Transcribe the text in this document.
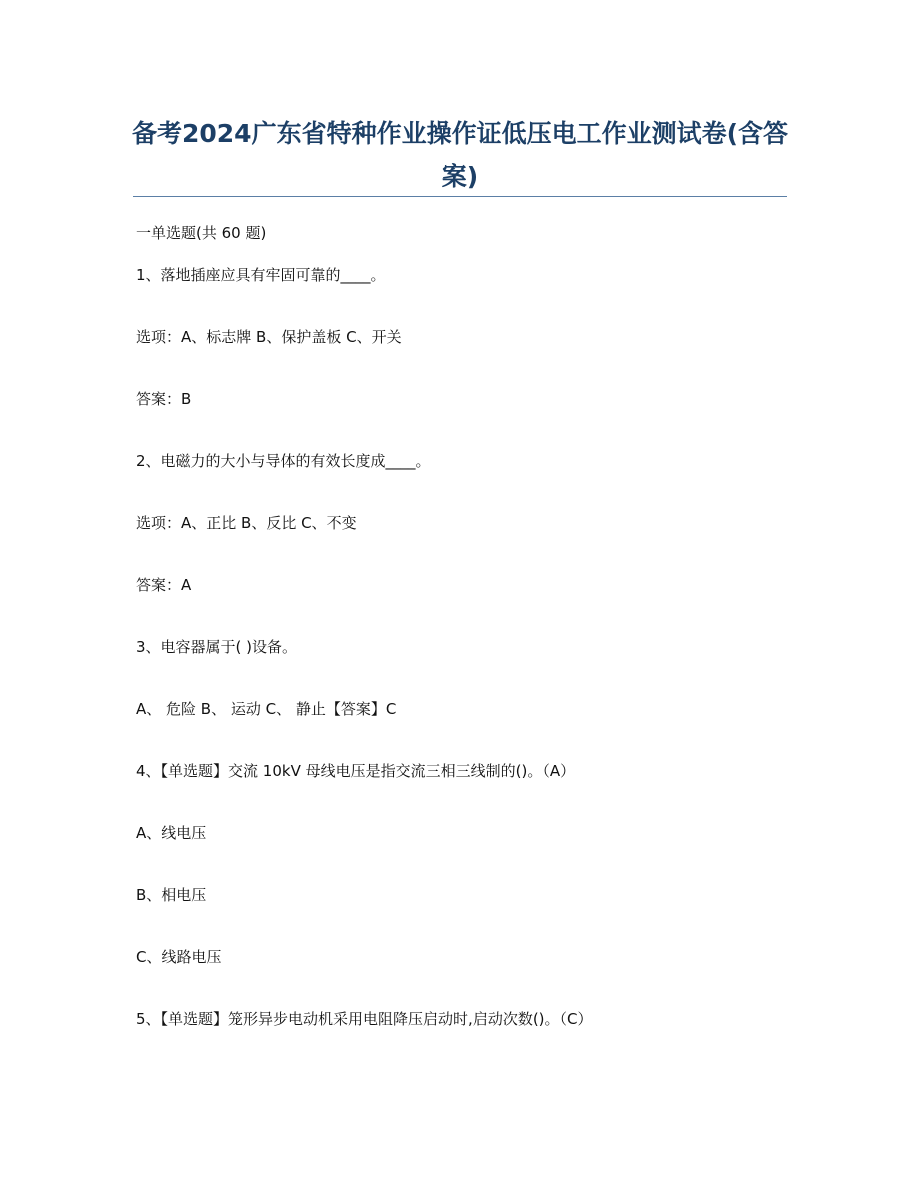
备考2024广东省特种作业操作证低压电工作业测试卷(含答案)
一单选题(共 60 题)
1、落地插座应具有牢固可靠的____。
选项：A、标志牌 B、保护盖板 C、开关
答案：B
2、电磁力的大小与导体的有效长度成____。
选项：A、正比 B、反比 C、不变
答案：A
3、电容器属于( )设备。
A、 危险 B、 运动 C、 静止【答案】C
4、【单选题】交流 10kV 母线电压是指交流三相三线制的()。（A）
A、线电压
B、相电压
C、线路电压
5、【单选题】笼形异步电动机采用电阻降压启动时,启动次数()。（C）
